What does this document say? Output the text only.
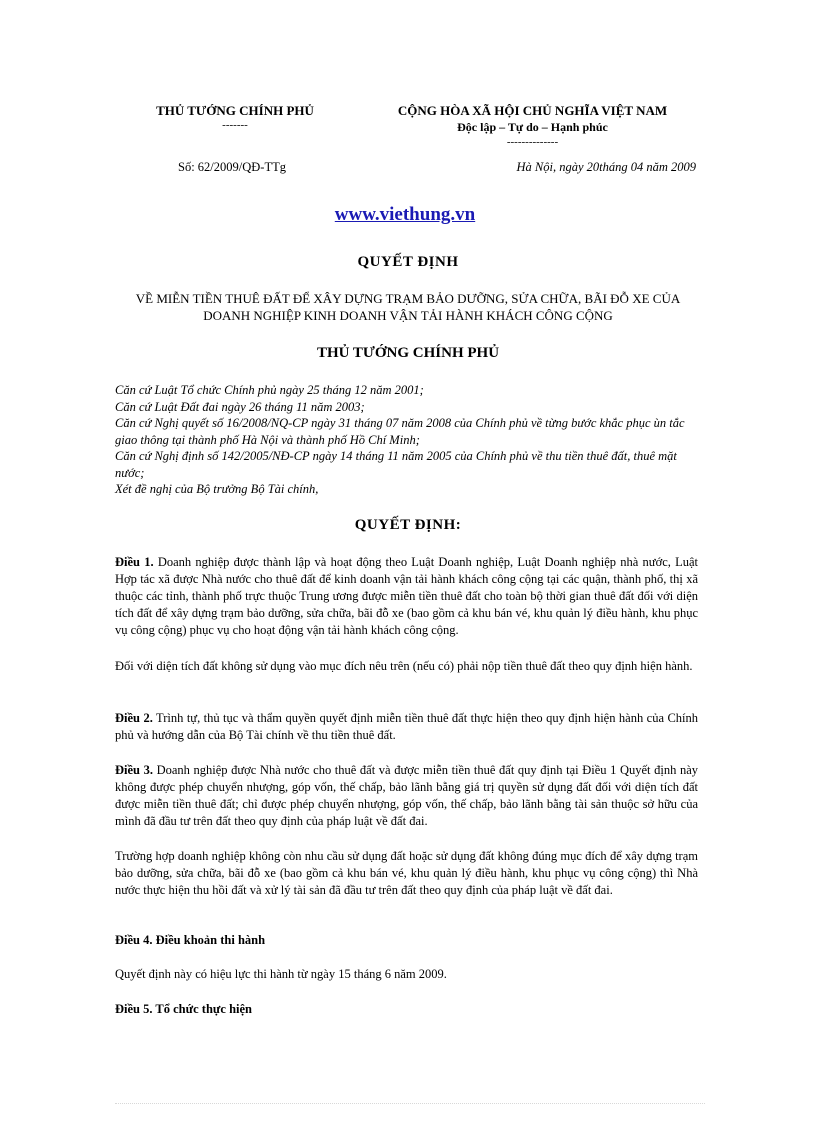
THỦ TƯỚNG CHÍNH PHỦ
-------
CỘNG HÒA XÃ HỘI CHỦ NGHĨA VIỆT NAM
Độc lập – Tự do – Hạnh phúc
--------------
Số: 62/2009/QĐ-TTg	Hà Nội, ngày 20tháng 04 năm 2009
www.viethung.vn
QUYẾT ĐỊNH
VỀ MIỄN TIỀN THUÊ ĐẤT ĐỂ XÂY DỰNG TRẠM BẢO DƯỠNG, SỬA CHỮA, BÃI ĐỖ XE CỦA
DOANH NGHIỆP KINH DOANH VẬN TẢI HÀNH KHÁCH CÔNG CỘNG
THỦ TƯỚNG CHÍNH PHỦ

Căn cứ Luật Tổ chức Chính phủ ngày 25 tháng 12 năm 2001;

Căn cứ Luật Đất đai ngày 26 tháng 11 năm 2003;

Căn cứ Nghị quyết số 16/2008/NQ-CP ngày 31 tháng 07 năm 2008 của Chính phủ về từng bước khắc phục ùn tắc giao thông tại thành phố Hà Nội và thành phố Hồ Chí Minh;

Căn cứ Nghị định số 142/2005/NĐ-CP ngày 14 tháng 11 năm 2005 của Chính phủ về thu tiền thuê đất, thuê mặt nước;

Xét đề nghị của Bộ trưởng Bộ Tài chính,

QUYẾT ĐỊNH:

Điều 1. Doanh nghiệp được thành lập và hoạt động theo Luật Doanh nghiệp, Luật Doanh nghiệp nhà nước, Luật Hợp tác xã được Nhà nước cho thuê đất để kinh doanh vận tải hành khách công cộng tại các quận, thành phố, thị xã thuộc các tỉnh, thành phố trực thuộc Trung ương được miễn tiền thuê đất cho toàn bộ thời gian thuê đất đối với diện tích đất để xây dựng trạm bảo dưỡng, sửa chữa, bãi đỗ xe (bao gồm cả khu bán vé, khu quản lý điều hành, khu phục vụ công cộng) phục vụ cho hoạt động vận tải hành khách công cộng.

Đối với diện tích đất không sử dụng vào mục đích nêu trên (nếu có) phải nộp tiền thuê đất theo quy định hiện hành.

Điều 2. Trình tự, thủ tục và thẩm quyền quyết định miễn tiền thuê đất thực hiện theo quy định hiện hành của Chính phủ và hướng dẫn của Bộ Tài chính về thu tiền thuê đất.

Điều 3. Doanh nghiệp được Nhà nước cho thuê đất và được miễn tiền thuê đất quy định tại Điều 1 Quyết định này không được phép chuyển nhượng, góp vốn, thế chấp, bảo lãnh bằng giá trị quyền sử dụng đất đối với diện tích đất được miễn tiền thuê đất; chỉ được phép chuyển nhượng, góp vốn, thế chấp, bảo lãnh bằng tài sản thuộc sở hữu của mình đã đầu tư trên đất theo quy định của pháp luật về đất đai.

Trường hợp doanh nghiệp không còn nhu cầu sử dụng đất hoặc sử dụng đất không đúng mục đích để xây dựng trạm bảo dưỡng, sửa chữa, bãi đỗ xe (bao gồm cả khu bán vé, khu quản lý điều hành, khu phục vụ công cộng) thì Nhà nước thực hiện thu hồi đất và xử lý tài sản đã đầu tư trên đất theo quy định của pháp luật về đất đai.

Điều 4. Điều khoản thi hành
Quyết định này có hiệu lực thi hành từ ngày 15 tháng 6 năm 2009.
Điều 5. Tổ chức thực hiện
